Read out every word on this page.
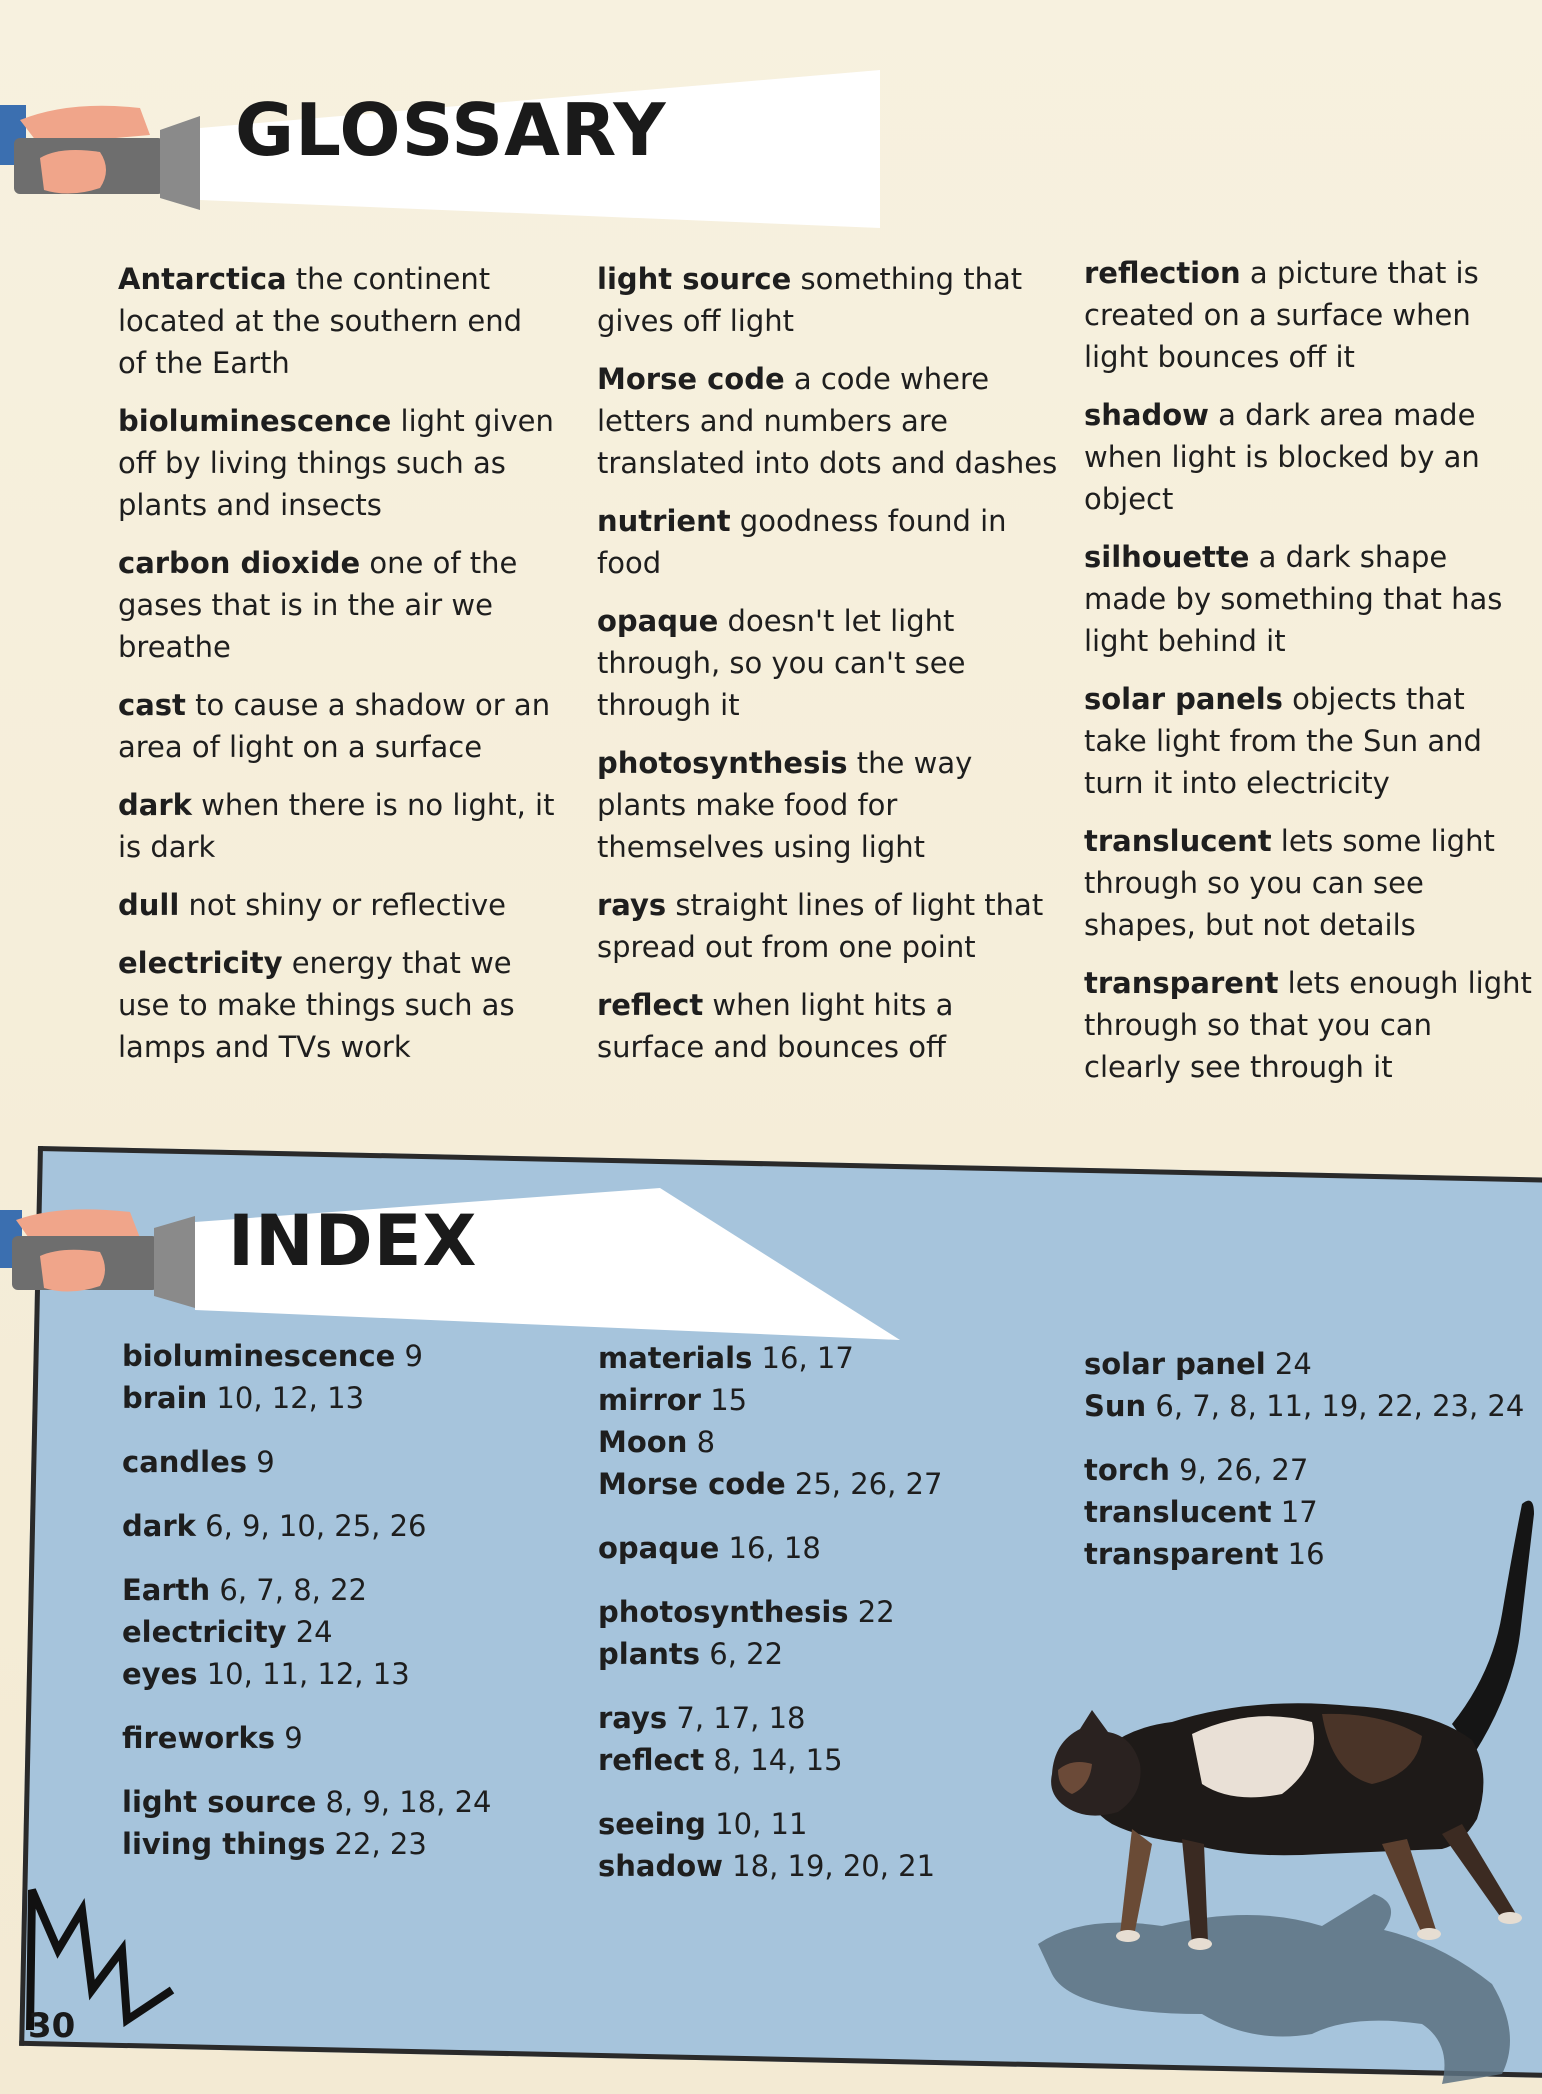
GLOSSARY
Antarctica the continent located at the southern end of the Earth
bioluminescence light given off by living things such as plants and insects
carbon dioxide one of the gases that is in the air we breathe
cast to cause a shadow or an area of light on a surface
dark when there is no light, it is dark
dull not shiny or reflective
electricity energy that we use to make things such as lamps and TVs work
light source something that gives off light
Morse code a code where letters and numbers are translated into dots and dashes
nutrient goodness found in food
opaque doesn't let light through, so you can't see through it
photosynthesis the way plants make food for themselves using light
rays straight lines of light that spread out from one point
reflect when light hits a surface and bounces off
reflection a picture that is created on a surface when light bounces off it
shadow a dark area made when light is blocked by an object
silhouette a dark shape made by something that has light behind it
solar panels objects that take light from the Sun and turn it into electricity
translucent lets some light through so you can see shapes, but not details
transparent lets enough light through so that you can clearly see through it
INDEX
bioluminescence 9
brain 10, 12, 13
candles 9
dark 6, 9, 10, 25, 26
Earth 6, 7, 8, 22
electricity 24
eyes 10, 11, 12, 13
fireworks 9
light source 8, 9, 18, 24
living things 22, 23
materials 16, 17
mirror 15
Moon 8
Morse code 25, 26, 27
opaque 16, 18
photosynthesis 22
plants 6, 22
rays 7, 17, 18
reflect 8, 14, 15
seeing 10, 11
shadow 18, 19, 20, 21
solar panel 24
Sun 6, 7, 8, 11, 19, 22, 23, 24
torch 9, 26, 27
translucent 17
transparent 16
30
